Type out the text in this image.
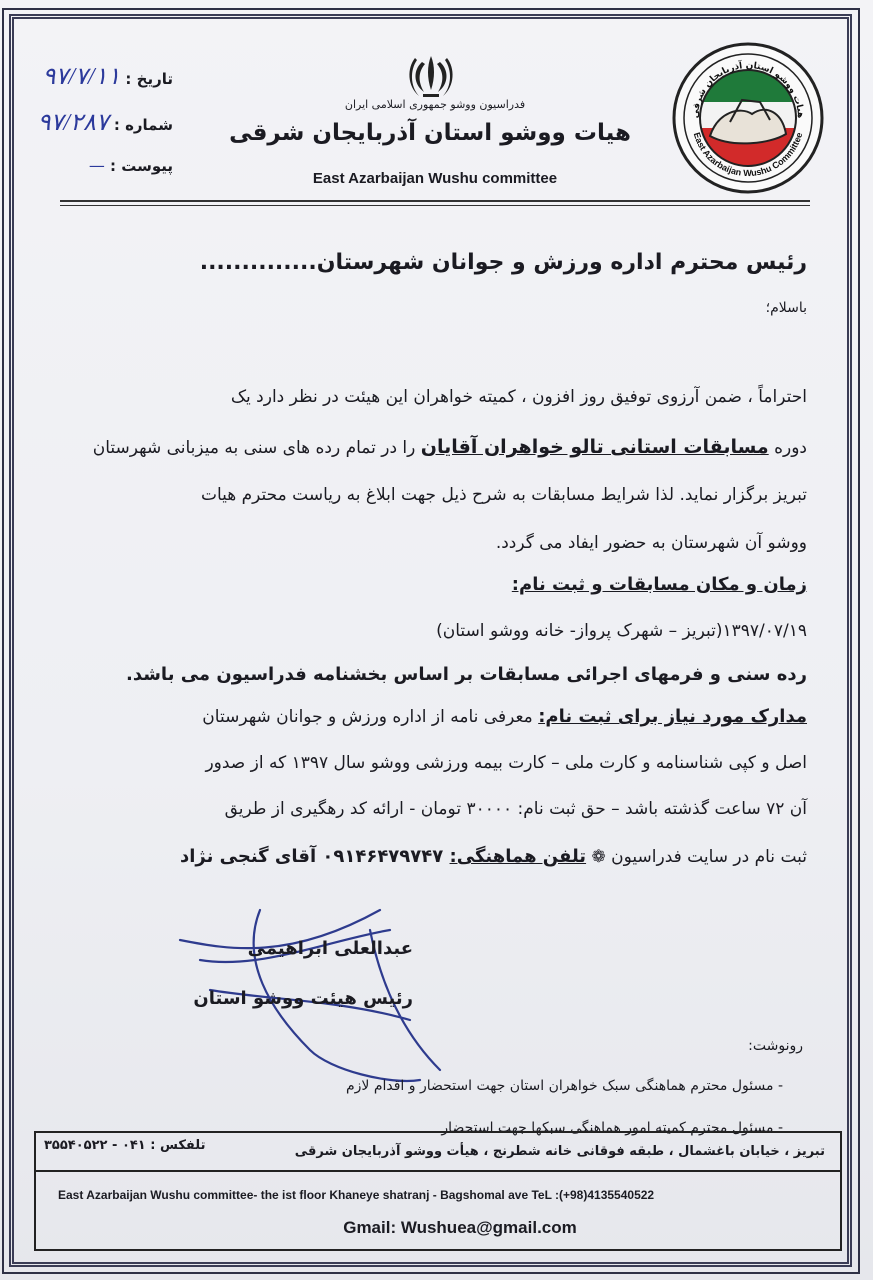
فدراسیون ووشو جمهوری اسلامی ایران
هیات ووشو استان آذربایجان شرقی
East Azarbaijan Wushu committee
تاریخ : ۹۷/۷/۱۱
شماره : ۹۷/۲۸۷
پیوست : —
هیات ووشو استان آذربایجان شرقی
East Azarbaijan Wushu Committee
رئیس محترم اداره ورزش و جوانان شهرستان..............
باسلام؛
احتراماً ، ضمن آرزوی توفیق روز افزون ، کمیته خواهران این هیئت در نظر دارد یک
دوره مسابقات استانی تالو خواهران آقایان را در تمام رده های سنی به میزبانی شهرستان
تبریز برگزار نماید. لذا شرایط مسابقات به شرح ذیل جهت ابلاغ به ریاست محترم هیات
ووشو آن شهرستان به حضور ایفاد می گردد.
زمان و مکان مسابقات و ثبت نام:
۱۳۹۷/۰۷/۱۹(تبریز – شهرک پرواز- خانه ووشو استان)
رده سنی و فرمهای اجرائی مسابقات بر اساس بخشنامه فدراسیون می باشد.
مدارک مورد نیاز برای ثبت نام: معرفی نامه از اداره ورزش و جوانان شهرستان
اصل و کپی شناسنامه و کارت ملی – کارت بیمه ورزشی ووشو سال ۱۳۹۷ که از صدور
آن ۷۲ ساعت گذشته باشد – حق ثبت نام: ۳۰۰۰۰ تومان - ارائه کد رهگیری از طریق
ثبت نام در سایت فدراسیون ❁ تلفن هماهنگی: ۰۹۱۴۶۴۷۹۷۴۷ آقای گنجی نژاد
عبدالعلی ابراهیمی
رئیس هیئت ووشو استان
رونوشت:
- مسئول محترم هماهنگی سبک خواهران استان جهت استحضار و اقدام لازم
- مسئول محترم کمیته امور هماهنگی سبکها جهت استحضار
تبریز ، خیابان باغشمال ، طبقه فوقانی خانه شطرنج ، هیأت ووشو آذربایجان شرقی
تلفکس : ۰۴۱ - ۳۵۵۴۰۵۲۲
East Azarbaijan Wushu committee- the ist floor Khaneye shatranj - Bagshomal ave TeL :(+98)4135540522
Gmail: Wushuea@gmail.com
